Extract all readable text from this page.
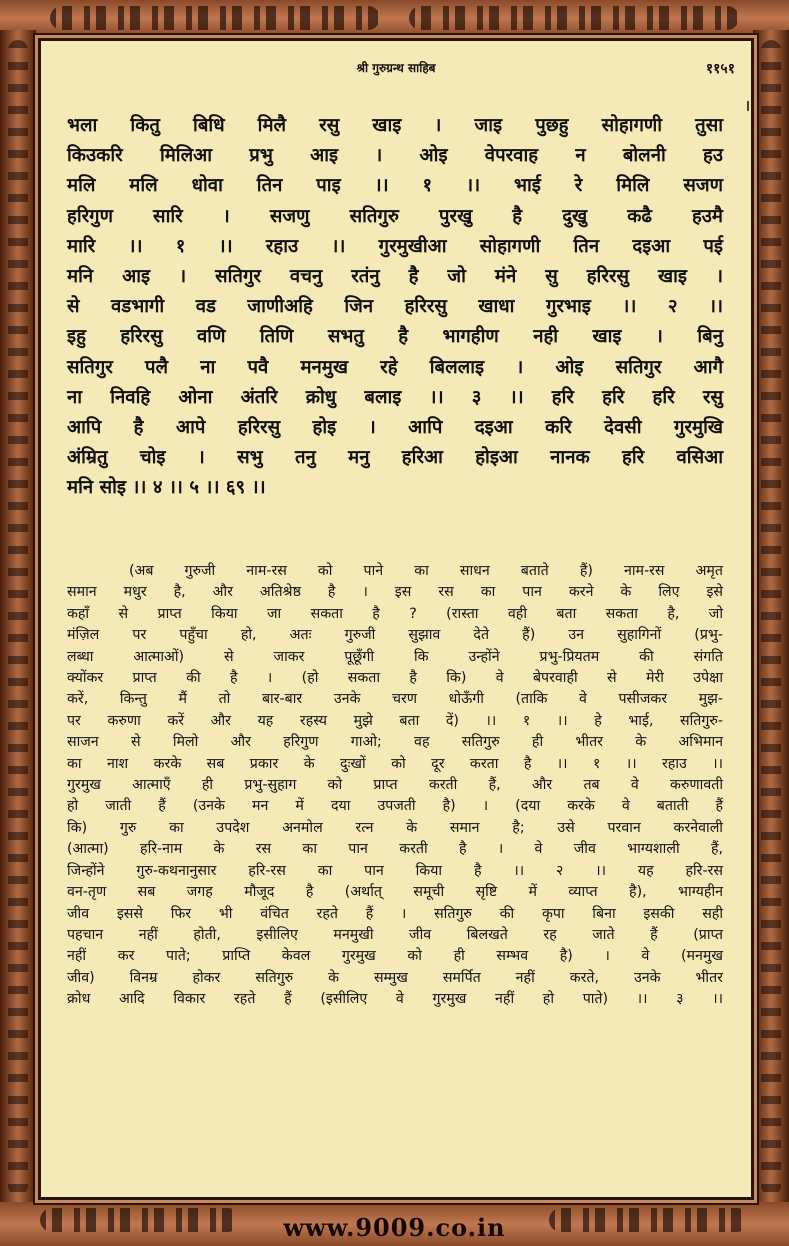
श्री गुरुग्रन्थ साहिब	११५१
भला कितु बिधि मिलै रसु खाइ । जाइ पुछहु सोहागणी तुसा
किउकरि मिलिआ प्रभु आइ । ओइ वेपरवाह न बोलनी हउ
मलि मलि धोवा तिन पाइ ।। १ ।। भाई रे मिलि सजण
हरिगुण सारि । सजणु सतिगुरु पुरखु है दुखु कढै हउमै
मारि ।। १ ।। रहाउ ।। गुरमुखीआ सोहागणी तिन दइआ पई
मनि आइ । सतिगुर वचनु रतंनु है जो मंने सु हरिरसु खाइ ।
से वडभागी वड जाणीअहि जिन हरिरसु खाधा गुरभाइ ।। २ ।।
इहु हरिरसु वणि तिणि सभतु है भागहीण नही खाइ । बिनु
सतिगुर पलै ना पवै मनमुख रहे बिललाइ । ओइ सतिगुर आगै
ना निवहि ओना अंतरि क्रोधु बलाइ ।। ३ ।। हरि हरि हरि रसु
आपि है आपे हरिरसु होइ । आपि दइआ करि देवसी गुरमुखि
अंम्रितु चोइ । सभु तनु मनु हरिआ होइआ नानक हरि वसिआ
मनि सोइ ।। ४ ।। ५ ।। ६९ ।।
(अब गुरुजी नाम-रस को पाने का साधन बताते हैं) नाम-रस अमृत
समान मधुर है, और अतिश्रेष्ठ है । इस रस का पान करने के लिए इसे
कहाँ से प्राप्त किया जा सकता है ? (रास्ता वही बता सकता है, जो
मंज़िल पर पहुँचा हो, अतः गुरुजी सुझाव देते हैं) उन सुहागिनों (प्रभु-
लब्धा आत्माओं) से जाकर पूछूँगी कि उन्होंने प्रभु-प्रियतम की संगति
क्योंकर प्राप्त की है । (हो सकता है कि) वे बेपरवाही से मेरी उपेक्षा
करें, किन्तु मैं तो बार-बार उनके चरण धोऊँगी (ताकि वे पसीजकर मुझ-
पर करुणा करें और यह रहस्य मुझे बता दें) ।। १ ।। हे भाई, सतिगुरु-
साजन से मिलो और हरिगुण गाओ; वह सतिगुरु ही भीतर के अभिमान
का नाश करके सब प्रकार के दुःखों को दूर करता है ।। १ ।। रहाउ ।।
गुरमुख आत्माएँ ही प्रभु-सुहाग को प्राप्त करती हैं, और तब वे करुणावती
हो जाती हैं (उनके मन में दया उपजती है) । (दया करके वे बताती हैं
कि) गुरु का उपदेश अनमोल रत्न के समान है; उसे परवान करनेवाली
(आत्मा) हरि-नाम के रस का पान करती है । वे जीव भाग्यशाली हैं,
जिन्होंने गुरु-कथनानुसार हरि-रस का पान किया है ।। २ ।। यह हरि-रस
वन-तृण सब जगह मौजूद है (अर्थात् समूची सृष्टि में व्याप्त है), भाग्यहीन
जीव इससे फिर भी वंचित रहते हैं । सतिगुरु की कृपा बिना इसकी सही
पहचान नहीं होती, इसीलिए मनमुखी जीव बिलखते रह जाते हैं (प्राप्त
नहीं कर पाते; प्राप्ति केवल गुरमुख को ही सम्भव है) । वे (मनमुख
जीव) विनम्र होकर सतिगुरु के सम्मुख समर्पित नहीं करते, उनके भीतर
क्रोध आदि विकार रहते हैं (इसीलिए वे गुरमुख नहीं हो पाते) ।। ३ ।।
www.9009.co.in
